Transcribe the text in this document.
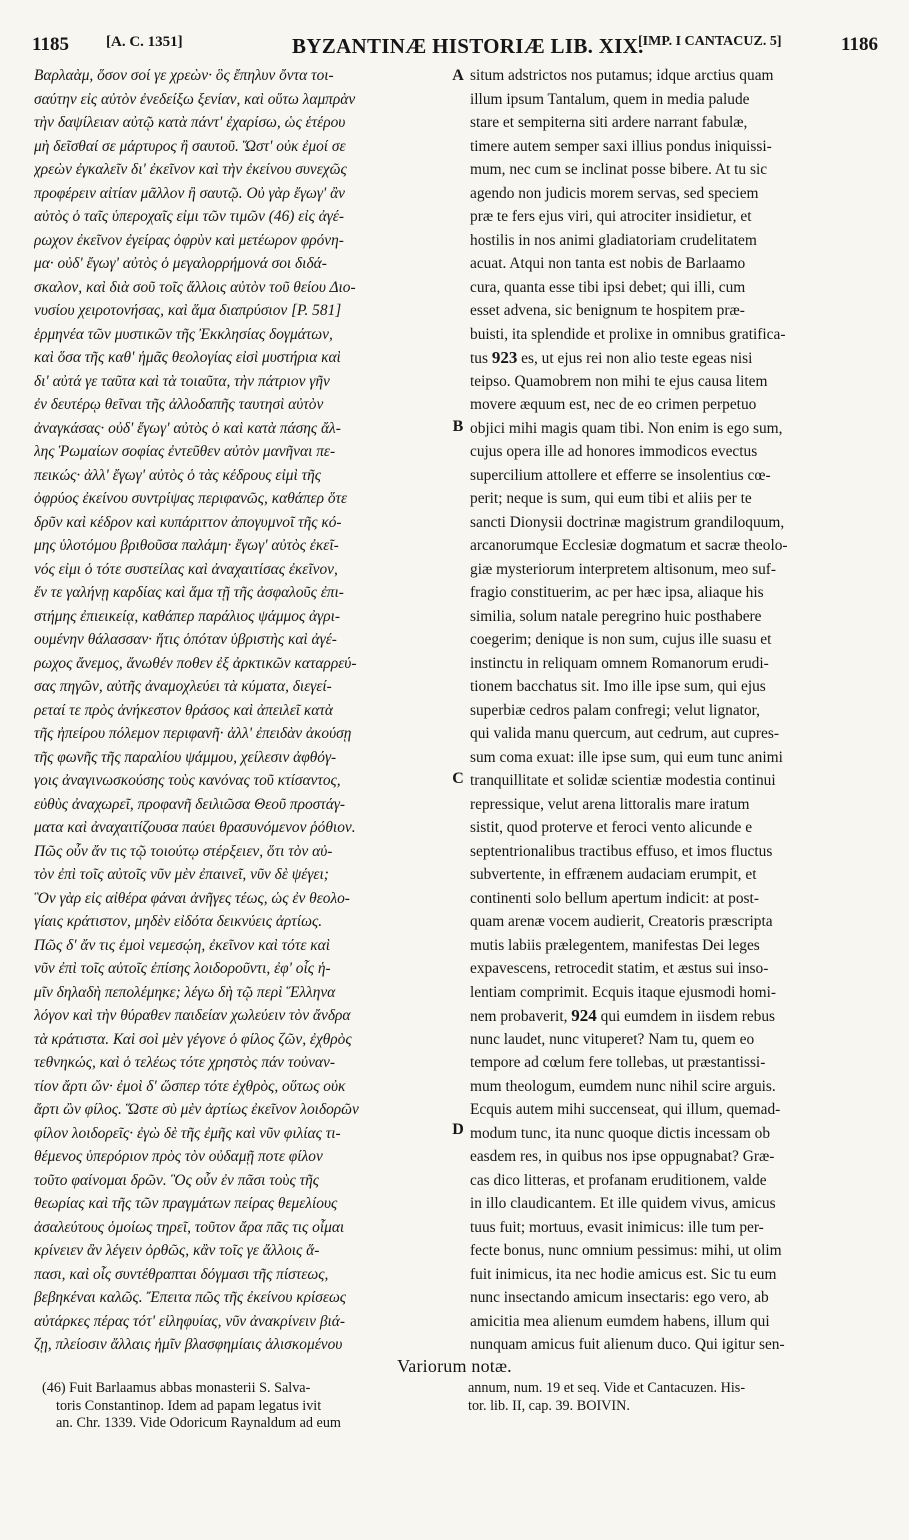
1185 [A. C. 1351]	BYZANTINÆ HISTORIÆ LIB. XIX.
[IMP. I CANTACUZ. 5]	1186
Βαρλαὰμ, ὅσον σοί γε χρεὼν· ὃς ἔπηλυν ὄντα τοι-
σαύτην εἰς αὐτὸν ἐνεδείξω ξενίαν, καὶ οὕτω λαμπρὰν
τὴν δαψίλειαν αὐτῷ κατὰ πάντ' ἐχαρίσω, ὡς ἑτέρου
μὴ δεῖσθαί σε μάρτυρος ἢ σαυτοῦ. Ὥστ' οὐκ ἐμοί σε
χρεὼν ἐγκαλεῖν δι' ἐκεῖνον καὶ τὴν ἐκείνου συνεχῶς
προφέρειν αἰτίαν μᾶλλον ἢ σαυτῷ. Οὐ γὰρ ἔγωγ' ἂν
αὐτὸς ὁ ταῖς ὑπεροχαῖς εἰμι τῶν τιμῶν (46) εἰς ἀγέ-
ρωχον ἐκεῖνον ἐγείρας ὀφρὺν καὶ μετέωρον φρόνη-
μα· οὐδ' ἔγωγ' αὐτὸς ὁ μεγαλορρήμονά σοι διδά-
σκαλον, καὶ διὰ σοῦ τοῖς ἄλλοις αὐτὸν τοῦ θείου Διο-
νυσίου χειροτονήσας, καὶ ἅμα διαπρύσιον [P. 581]
ἑρμηνέα τῶν μυστικῶν τῆς Ἐκκλησίας δογμάτων,
καὶ ὅσα τῆς καθ' ἡμᾶς θεολογίας εἰσὶ μυστήρια καὶ
δι' αὐτά γε ταῦτα καὶ τὰ τοιαῦτα, τὴν πάτριον γῆν
ἐν δευτέρῳ θεῖναι τῆς ἀλλοδαπῆς ταυτησὶ αὐτὸν
ἀναγκάσας· οὐδ' ἔγωγ' αὐτὸς ὁ καὶ κατὰ πάσης ἄλ-
λης Ῥωμαίων σοφίας ἐντεῦθεν αὐτὸν μανῆναι πε-
πεικώς· ἀλλ' ἔγωγ' αὐτὸς ὁ τὰς κέδρους εἰμὶ τῆς
ὀφρύος ἐκείνου συντρίψας περιφανῶς, καθάπερ ὅτε
δρῦν καὶ κέδρον καὶ κυπάριττον ἀπογυμνοῖ τῆς κό-
μης ὑλοτόμου βριθοῦσα παλάμη· ἔγωγ' αὐτὸς ἐκεῖ-
νός εἰμι ὁ τότε συστείλας καὶ ἀναχαιτίσας ἐκεῖνον,
ἔν τε γαλήνῃ καρδίας καὶ ἅμα τῇ τῆς ἀσφαλοῦς ἐπι-
στήμης ἐπιεικείᾳ, καθάπερ παράλιος ψάμμος ἀγρι-
ουμένην θάλασσαν· ἥτις ὁπόταν ὑβριστὴς καὶ ἀγέ-
ρωχος ἄνεμος, ἄνωθέν ποθεν ἐξ ἀρκτικῶν καταρρεύ-
σας πηγῶν, αὐτῆς ἀναμοχλεύει τὰ κύματα, διεγεί-
ρεταί τε πρὸς ἀνήκεστον θράσος καὶ ἀπειλεῖ κατὰ
τῆς ἠπείρου πόλεμον περιφανῆ· ἀλλ' ἐπειδὰν ἀκούσῃ
τῆς φωνῆς τῆς παραλίου ψάμμου, χείλεσιν ἀφθόγ-
γοις ἀναγινωσκούσης τοὺς κανόνας τοῦ κτίσαντος,
εὐθὺς ἀναχωρεῖ, προφανῆ δειλιῶσα Θεοῦ προστάγ-
ματα καὶ ἀναχαιτίζουσα παύει θρασυνόμενον ῥόθιον.
Πῶς οὖν ἄν τις τῷ τοιούτῳ στέρξειεν, ὅτι τὸν αὐ-
τὸν ἐπὶ τοῖς αὐτοῖς νῦν μὲν ἐπαινεῖ, νῦν δὲ ψέγει;
Ὃν γὰρ εἰς αἰθέρα φάναι ἀνῆγες τέως, ὡς ἐν θεολο-
γίαις κράτιστον, μηδὲν εἰδότα δεικνύεις ἀρτίως.
Πῶς δ' ἄν τις ἐμοὶ νεμεσῴη, ἐκεῖνον καὶ τότε καὶ
νῦν ἐπὶ τοῖς αὐτοῖς ἐπίσης λοιδοροῦντι, ἐφ' οἷς ἡ-
μῖν δηλαδὴ πεπολέμηκε; λέγω δὴ τῷ περὶ Ἕλληνα
λόγον καὶ τὴν θύραθεν παιδείαν χωλεύειν τὸν ἄνδρα
τὰ κράτιστα. Καὶ σοὶ μὲν γέγονε ὁ φίλος ζῶν, ἐχθρὸς
τεθνηκώς, καὶ ὁ τελέως τότε χρηστὸς πάν τοὐναν-
τίον ἄρτι ὤν· ἐμοὶ δ' ὥσπερ τότε ἐχθρὸς, οὕτως οὐκ
ἄρτι ὢν φίλος. Ὥστε σὺ μὲν ἀρτίως ἐκεῖνον λοιδορῶν
φίλον λοιδορεῖς· ἐγὼ δὲ τῆς ἐμῆς καὶ νῦν φιλίας τι-
θέμενος ὑπερόριον πρὸς τὸν οὐδαμῇ ποτε φίλον
τοῦτο φαίνομαι δρῶν. Ὃς οὖν ἐν πᾶσι τοὺς τῆς
θεωρίας καὶ τῆς τῶν πραγμάτων πείρας θεμελίους
ἀσαλεύτους ὁμοίως τηρεῖ, τοῦτον ἄρα πᾶς τις οἶμαι
κρίνειεν ἂν λέγειν ὀρθῶς, κἂν τοῖς γε ἄλλοις ἅ-
πασι, καὶ οἷς συντέθραπται δόγμασι τῆς πίστεως,
βεβηκέναι καλῶς. Ἔπειτα πῶς τῆς ἐκείνου κρίσεως
αὐτάρκες πέρας τότ' εἰληφυίας, νῦν ἀνακρίνειν βιά-
ζῃ, πλείοσιν ἄλλαις ἡμῖν βλασφημίαις ἁλισκομένου
situm adstrictos nos putamus; idque arctius quam
illum ipsum Tantalum, quem in media palude
stare et sempiterna siti ardere narrant fabulæ,
timere autem semper saxi illius pondus iniquissi-
mum, nec cum se inclinat posse bibere. At tu sic
agendo non judicis morem servas, sed speciem
præ te fers ejus viri, qui atrociter insidietur, et
hostilis in nos animi gladiatoriam crudelitatem
acuat. Atqui non tanta est nobis de Barlaamo
cura, quanta esse tibi ipsi debet; qui illi, cum
esset advena, sic benignum te hospitem præ-
buisti, ita splendide et prolixe in omnibus gratifica-
tus 923 es, ut ejus rei non alio teste egeas nisi
teipso. Quamobrem non mihi te ejus causa litem
movere æquum est, nec de eo crimen perpetuo
objici mihi magis quam tibi. Non enim is ego sum,
cujus opera ille ad honores immodicos evectus
supercilium attollere et efferre se insolentius cœ-
perit; neque is sum, qui eum tibi et aliis per te
sancti Dionysii doctrinæ magistrum grandiloquum,
arcanorumque Ecclesiæ dogmatum et sacræ theolo-
giæ mysteriorum interpretem altisonum, meo suf-
fragio constituerim, ac per hæc ipsa, aliaque his
similia, solum natale peregrino huic posthabere
coegerim; denique is non sum, cujus ille suasu et
instinctu in reliquam omnem Romanorum erudi-
tionem bacchatus sit. Imo ille ipse sum, qui ejus
superbiæ cedros palam confregi; velut lignator,
qui valida manu quercum, aut cedrum, aut cupres-
sum coma exuat: ille ipse sum, qui eum tunc animi
tranquillitate et solidæ scientiæ modestia continui
repressique, velut arena littoralis mare iratum
sistit, quod proterve et feroci vento alicunde e
septentrionalibus tractibus effuso, et imos fluctus
subvertente, in effrænem audaciam erumpit, et
continenti solo bellum apertum indicit: at post-
quam arenæ vocem audierit, Creatoris præscripta
mutis labiis prælegentem, manifestas Dei leges
expavescens, retrocedit statim, et æstus sui inso-
lentiam comprimit. Ecquis itaque ejusmodi homi-
nem probaverit, 924 qui eumdem in iisdem rebus
nunc laudet, nunc vituperet? Nam tu, quem eo
tempore ad cœlum fere tollebas, ut præstantissi-
mum theologum, eumdem nunc nihil scire arguis.
Ecquis autem mihi succenseat, qui illum, quemad-
modum tunc, ita nunc quoque dictis incessam ob
easdem res, in quibus nos ipse oppugnabat? Græ-
cas dico litteras, et profanam eruditionem, valde
in illo claudicantem. Et ille quidem vivus, amicus
tuus fuit; mortuus, evasit inimicus: ille tum per-
fecte bonus, nunc omnium pessimus: mihi, ut olim
fuit inimicus, ita nec hodie amicus est. Sic tu eum
nunc insectando amicum insectaris: ego vero, ab
amicitia mea alienum eumdem habens, illum qui
nunquam amicus fuit alienum duco. Qui igitur sen-
A
B
C
D
Variorum notæ.
(46) Fuit Barlaamus abbas monasterii S. Salva-
toris Constantinop. Idem ad papam legatus ivit
an. Chr. 1339. Vide Odoricum Raynaldum ad eum
annum, num. 19 et seq. Vide et Cantacuzen. His-
tor. lib. II, cap. 39. BOIVIN.
